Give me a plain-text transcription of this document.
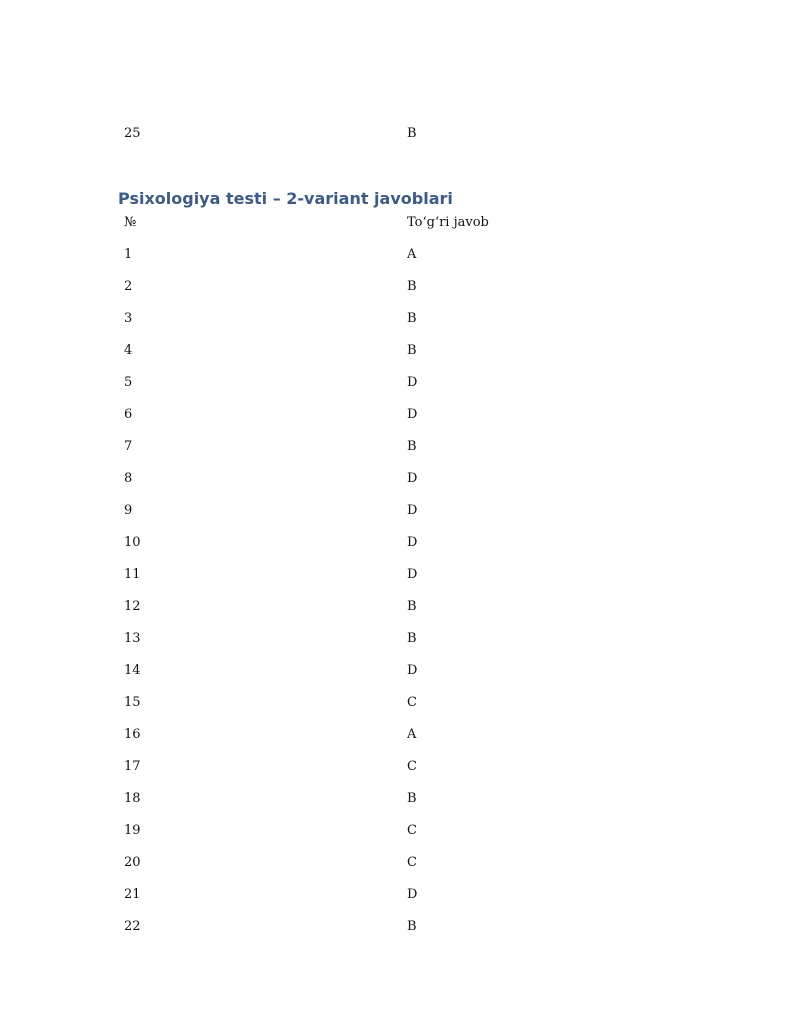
25	B
Psixologiya testi – 2-variant javoblari
№	To‘g‘ri javob
1	A
2	B
3	B
4	B
5	D
6	D
7	B
8	D
9	D
10	D
11	D
12	B
13	B
14	D
15	C
16	A
17	C
18	B
19	C
20	C
21	D
22	B
